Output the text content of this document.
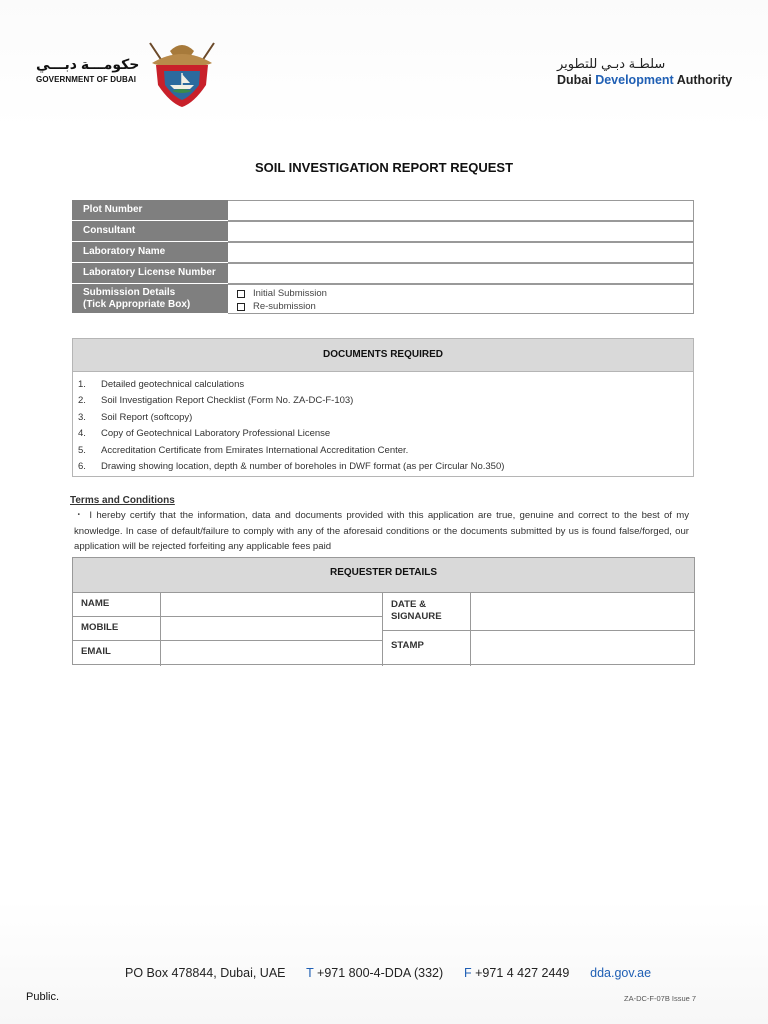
حكومـــة دبـــي
GOVERNMENT OF DUBAI
سلطـة دبـي للتطوير
Dubai Development Authority
SOIL INVESTIGATION REPORT REQUEST
Plot Number
Consultant
Laboratory Name
Laboratory License Number
Submission Details
(Tick Appropriate Box)
Initial Submission
Re-submission
DOCUMENTS REQUIRED
1.	Detailed geotechnical calculations
2.	Soil Investigation Report Checklist (Form No. ZA-DC-F-103)
3.	Soil Report (softcopy)
4.	Copy of Geotechnical Laboratory Professional License
5.	Accreditation Certificate from Emirates International Accreditation Center.
6.	Drawing showing location, depth & number of boreholes in DWF format (as per Circular No.350)
Terms and Conditions
・ I hereby certify that the information, data and documents provided with this application are true, genuine and correct to the best of my knowledge. In case of default/failure to comply with any of the aforesaid conditions or the documents submitted by us is found false/forged, our application will be rejected forfeiting any applicable fees paid
REQUESTER DETAILS
NAME
MOBILE
EMAIL
DATE &
SIGNAURE
STAMP
PO Box 478844, Dubai, UAE T +971 800-4-DDA (332) F +971 4 427 2449 dda.gov.ae
Public.	ZA-DC-F-07B Issue 7
